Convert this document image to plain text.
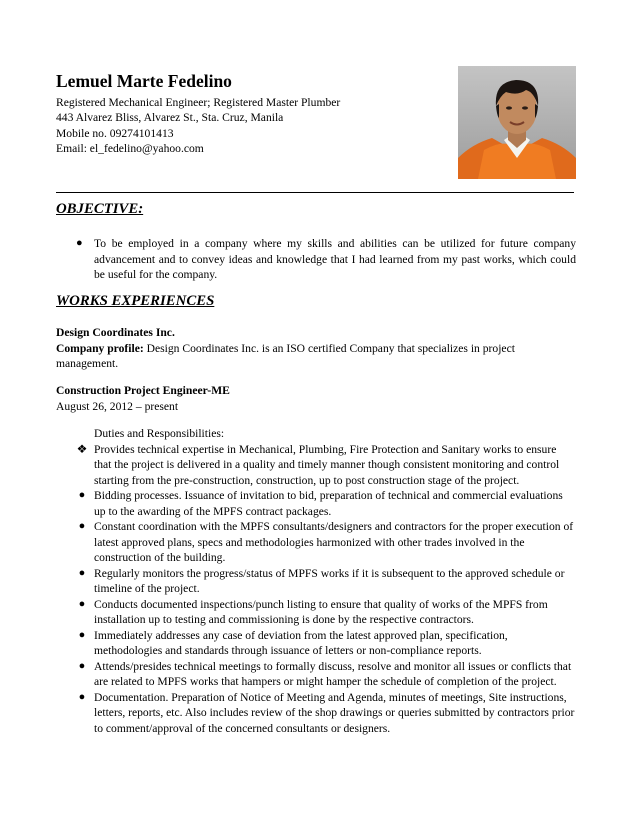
Lemuel Marte Fedelino
Registered Mechanical Engineer; Registered Master Plumber
443 Alvarez Bliss, Alvarez St., Sta. Cruz, Manila
Mobile no. 09274101413
Email: el_fedelino@yahoo.com
OBJECTIVE:
● To be employed in a company where my skills and abilities can be utilized for future company advancement and to convey ideas and knowledge that I had learned from my past works, which could be useful for the company.
WORKS EXPERIENCES
Design Coordinates Inc.
Company profile: Design Coordinates Inc. is an ISO certified Company that specializes in project management.
Construction Project Engineer-ME
August 26, 2012 – present
Duties and Responsibilities:
❖ Provides technical expertise in Mechanical, Plumbing, Fire Protection and Sanitary works to ensure that the project is delivered in a quality and timely manner though consistent monitoring and control starting from the pre-construction, construction, up to post construction stage of the project.
● Bidding processes. Issuance of invitation to bid, preparation of technical and commercial evaluations up to the awarding of the MPFS contract packages.
● Constant coordination with the MPFS consultants/designers and contractors for the proper execution of latest approved plans, specs and methodologies harmonized with other trades involved in the construction of the building.
● Regularly monitors the progress/status of MPFS works if it is subsequent to the approved schedule or timeline of the project.
● Conducts documented inspections/punch listing to ensure that quality of works of the MPFS from installation up to testing and commissioning is done by the respective contractors.
● Immediately addresses any case of deviation from the latest approved plan, specification, methodologies and standards through issuance of letters or non-compliance reports.
● Attends/presides technical meetings to formally discuss, resolve and monitor all issues or conflicts that are related to MPFS works that hampers or might hamper the schedule of completion of the project.
● Documentation. Preparation of Notice of Meeting and Agenda, minutes of meetings, Site instructions, letters, reports, etc. Also includes review of the shop drawings or queries submitted by contractors prior to comment/approval of the concerned consultants or designers.
